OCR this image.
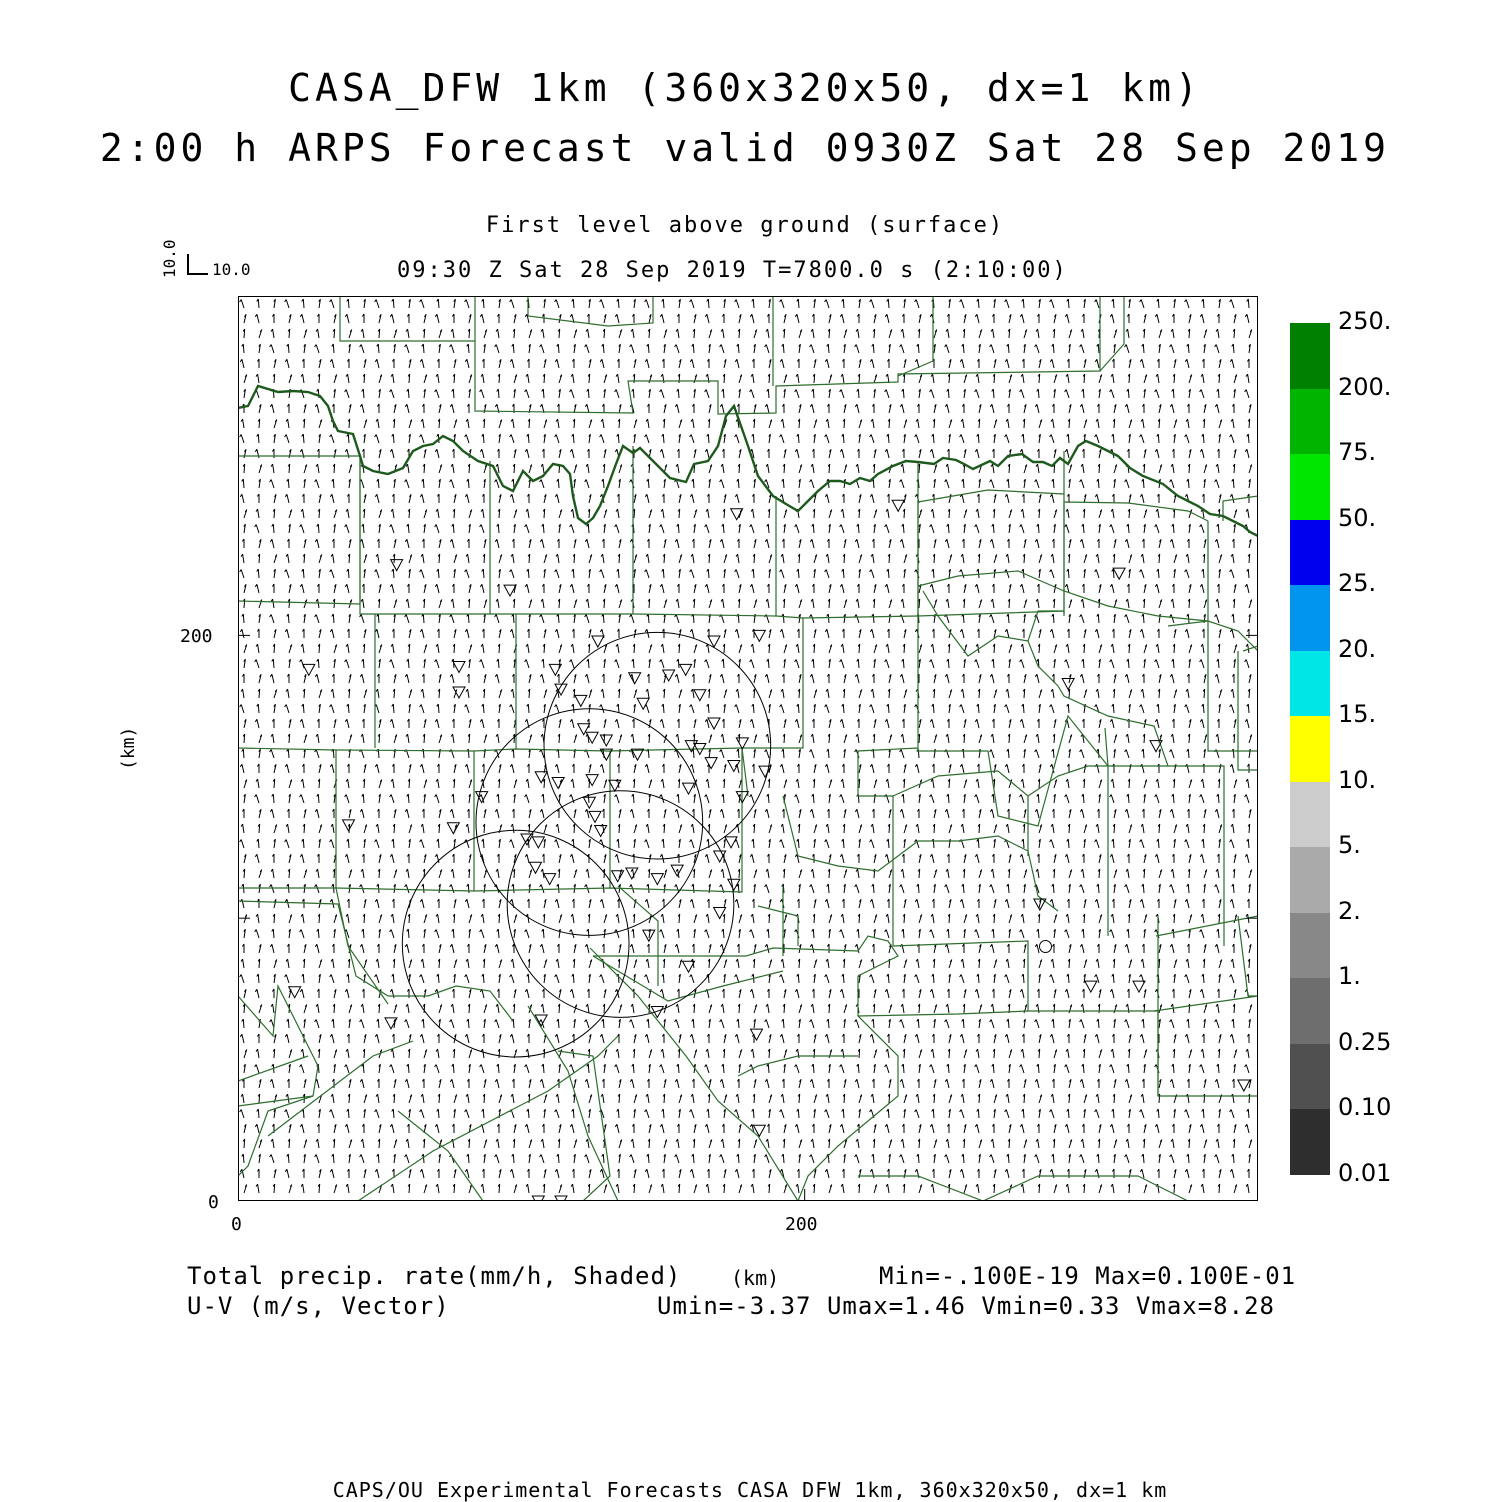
CASA_DFW 1km (360x320x50, dx=1 km)
2:00 h ARPS Forecast valid 0930Z Sat 28 Sep 2019
First level above ground (surface)
09:30 Z Sat 28 Sep 2019 T=7800.0 s (2:10:00)
10.0 10.0
(km)
200
0
0	200
250.
200.
75.
50.
25.
20.
15.
10.
5.
2.
1.
0.25
0.10
0.01
Total precip. rate(mm/h, Shaded) (km)	Min=-.100E-19 Max=0.100E-01
U-V (m/s, Vector)	Umin=-3.37 Umax=1.46 Vmin=0.33 Vmax=8.28
CAPS/OU Experimental Forecasts CASA DFW 1km, 360x320x50, dx=1 km
